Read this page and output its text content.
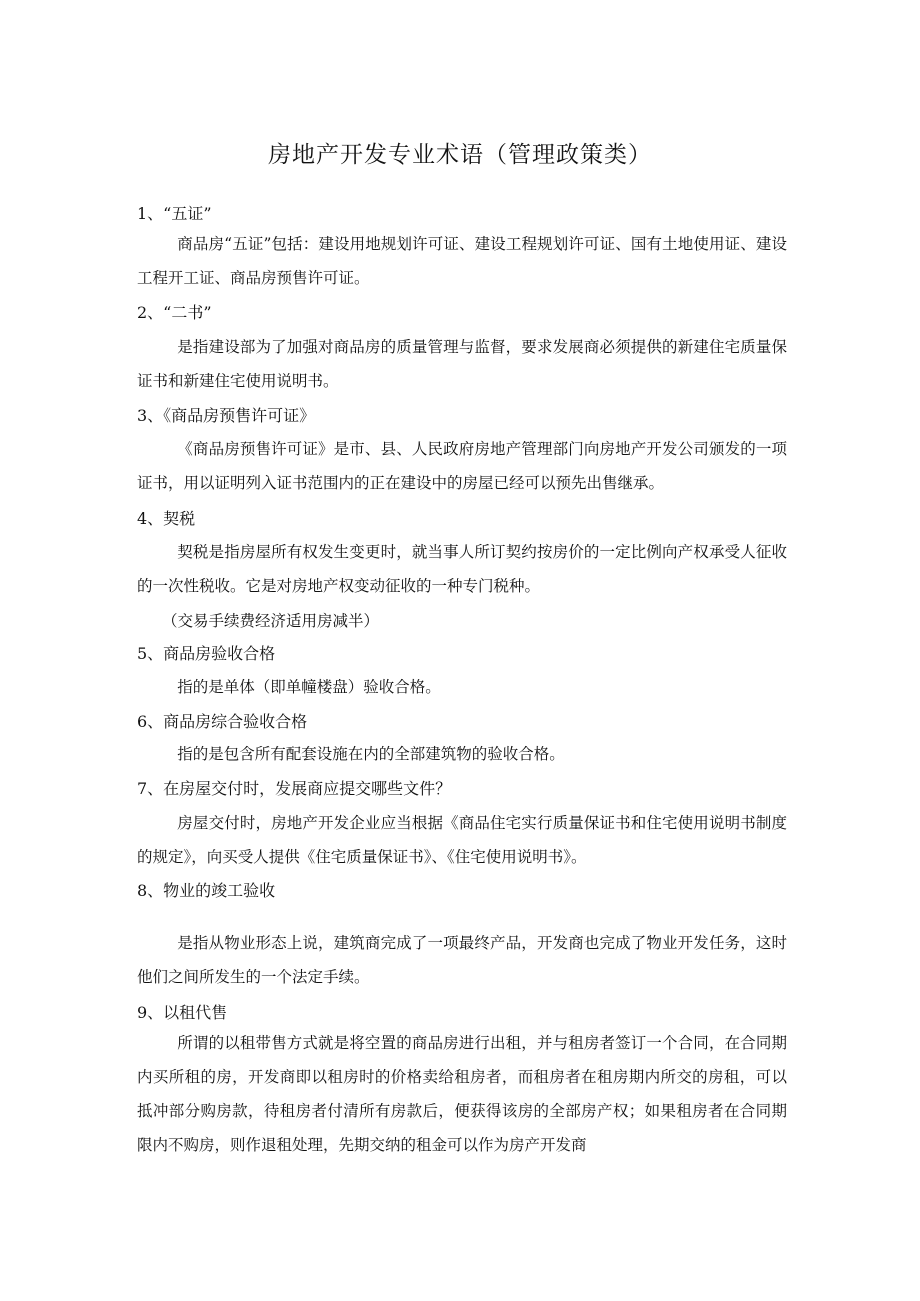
房地产开发专业术语（管理政策类）
1、“五证”

商品房“五证”包括：建设用地规划许可证、建设工程规划许可证、国有土地使用证、建设工程开工证、商品房预售许可证。

2、“二书”

是指建设部为了加强对商品房的质量管理与监督，要求发展商必须提供的新建住宅质量保证书和新建住宅使用说明书。

3、《商品房预售许可证》

《商品房预售许可证》是市、县、人民政府房地产管理部门向房地产开发公司颁发的一项证书，用以证明列入证书范围内的正在建设中的房屋已经可以预先出售继承。

4、契税

契税是指房屋所有权发生变更时，就当事人所订契约按房价的一定比例向产权承受人征收的一次性税收。它是对房地产权变动征收的一种专门税种。

（交易手续费经济适用房减半）

5、商品房验收合格

指的是单体（即单幢楼盘）验收合格。

6、商品房综合验收合格

指的是包含所有配套设施在内的全部建筑物的验收合格。

7、在房屋交付时，发展商应提交哪些文件？

房屋交付时，房地产开发企业应当根据《商品住宅实行质量保证书和住宅使用说明书制度的规定》，向买受人提供《住宅质量保证书》、《住宅使用说明书》。

8、物业的竣工验收

是指从物业形态上说，建筑商完成了一项最终产品，开发商也完成了物业开发任务，这时他们之间所发生的一个法定手续。

9、以租代售

所谓的以租带售方式就是将空置的商品房进行出租，并与租房者签订一个合同，在合同期内买所租的房，开发商即以租房时的价格卖给租房者，而租房者在租房期内所交的房租，可以抵冲部分购房款，待租房者付清所有房款后，便获得该房的全部房产权；如果租房者在合同期限内不购房，则作退租处理，先期交纳的租金可以作为房产开发商
